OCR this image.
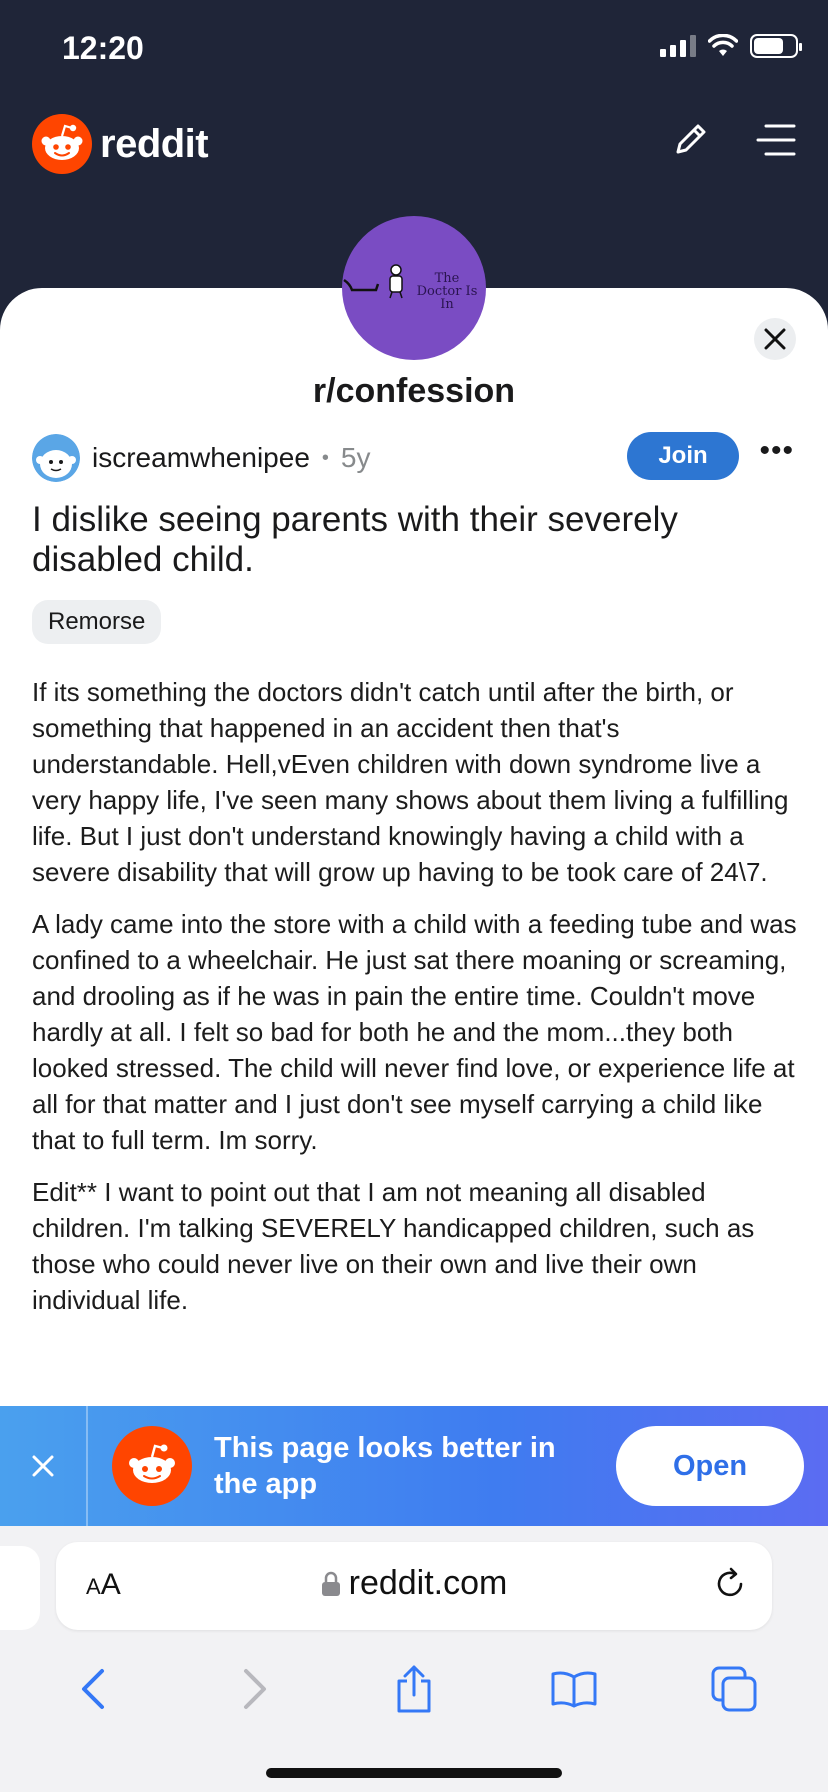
12:20
reddit
The Doctor Is In
r/confession
iscreamwhenipee • 5y	Join	•••
I dislike seeing parents with their severely disabled child.
Remorse

If its something the doctors didn't catch until after the birth, or something that happened in an accident then that's understandable. Hell,vEven children with down syndrome live a very happy life, I've seen many shows about them living a fulfilling life. But I just don't understand knowingly having a child with a severe disability that will grow up having to be took care of 24\7.

A lady came into the store with a child with a feeding tube and was confined to a wheelchair. He just sat there moaning or screaming, and drooling as if he was in pain the entire time. Couldn't move hardly at all. I felt so bad for both he and the mom...they both looked stressed. The child will never find love, or experience life at all for that matter and I just don't see myself carrying a child like that to full term. Im sorry.

Edit** I want to point out that I am not meaning all disabled children. I'm talking SEVERELY handicapped children, such as those who could never live on their own and live their own individual life.

This page looks better in the app
Open
AA	reddit.com
